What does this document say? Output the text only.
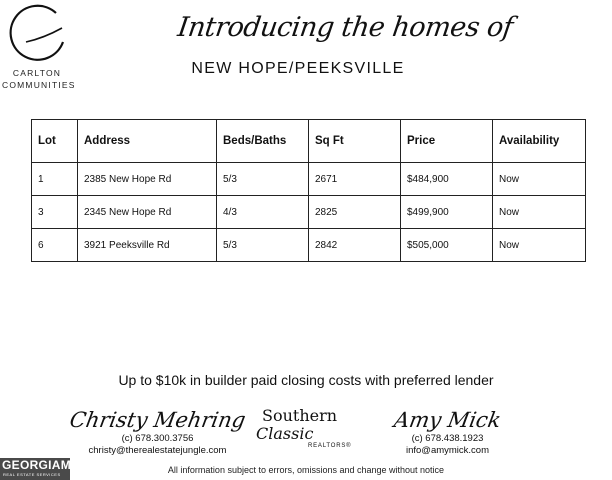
CARLTON
COMMUNITIES
Introducing the homes of
NEW HOPE/PEEKSVILLE
Lot	Address	Beds/Baths	Sq Ft	Price	Availability
1	2385 New Hope Rd	5/3	2671	$484,900	Now
3	2345 New Hope Rd	4/3	2825	$499,900	Now
6	3921 Peeksville Rd	5/3	2842	$505,000	Now
Up to $10k in builder paid closing costs with preferred lender
Christy Mehring
(c) 678.300.3756
christy@therealestatejungle.com
Southern
Classic
REALTORS®
Amy Mick
(c) 678.438.1923
info@amymick.com
All information subject to errors, omissions and change without notice
GEORGIAMLS
REAL ESTATE SERVICES
